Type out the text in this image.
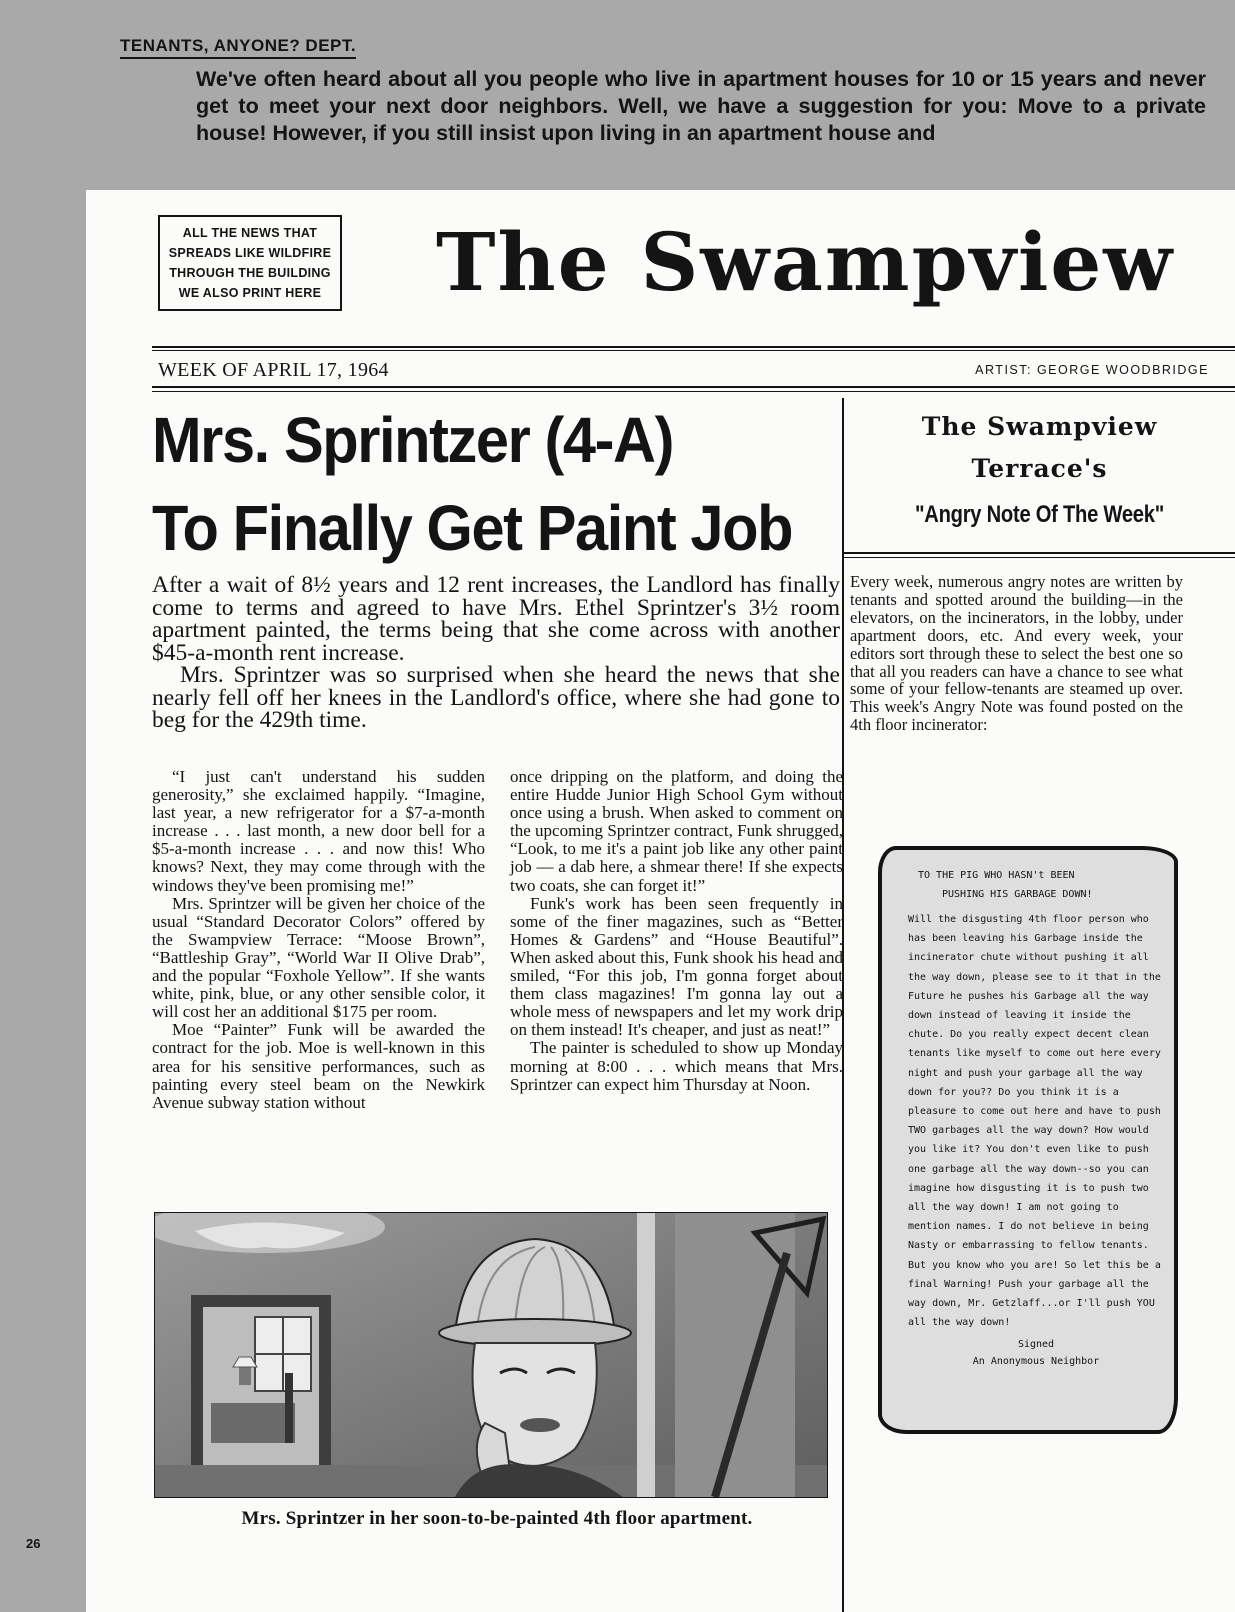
TENANTS, ANYONE? DEPT.

We've often heard about all you people who live in apartment houses for 10 or 15 years and never get to meet your next door neighbors. Well, we have a suggestion for you: Move to a private house! However, if you still insist upon living in an apartment house and

ALL THE NEWS THAT
SPREADS LIKE WILDFIRE
THROUGH THE BUILDING
WE ALSO PRINT HERE The Swampview
WEEK OF APRIL 17, 1964	ARTIST: GEORGE WOODBRIDGE
Mrs. Sprintzer (4-A)
To Finally Get Paint Job

After a wait of 8½ years and 12 rent increases, the Landlord has finally come to terms and agreed to have Mrs. Ethel Sprintzer's 3½ room apartment painted, the terms being that she come across with another $45-a-month rent increase.

Mrs. Sprintzer was so surprised when she heard the news that she nearly fell off her knees in the Landlord's office, where she had gone to beg for the 429th time.

“I just can't understand his sudden generosity,” she exclaimed happily. “Imagine, last year, a new refrigerator for a $7-a-month increase . . . last month, a new door bell for a $5-a-month increase . . . and now this! Who knows? Next, they may come through with the windows they've been promising me!”

Mrs. Sprintzer will be given her choice of the usual “Standard Decorator Colors” offered by the Swampview Terrace: “Moose Brown”, “Battleship Gray”, “World War II Olive Drab”, and the popular “Foxhole Yellow”. If she wants white, pink, blue, or any other sensible color, it will cost her an additional $175 per room.

Moe “Painter” Funk will be awarded the contract for the job. Moe is well-known in this area for his sensitive performances, such as painting every steel beam on the Newkirk Avenue subway station without

once dripping on the platform, and doing the entire Hudde Junior High School Gym without once using a brush. When asked to comment on the upcoming Sprintzer contract, Funk shrugged, “Look, to me it's a paint job like any other paint job — a dab here, a shmear there! If she expects two coats, she can forget it!”

Funk's work has been seen frequently in some of the finer magazines, such as “Better Homes & Gardens” and “House Beautiful”. When asked about this, Funk shook his head and smiled, “For this job, I'm gonna forget about them class magazines! I'm gonna lay out a whole mess of newspapers and let my work drip on them instead! It's cheaper, and just as neat!”

The painter is scheduled to show up Monday morning at 8:00 . . . which means that Mrs. Sprintzer can expect him Thursday at Noon.

Mrs. Sprintzer in her soon-to-be-painted 4th floor apartment.
The Swampview
Terrace's
"Angry Note Of The Week"

Every week, numerous angry notes are written by tenants and spotted around the building—in the elevators, on the incinerators, in the lobby, under apartment doors, etc. And every week, your editors sort through these to select the best one so that all you readers can have a chance to see what some of your fellow-tenants are steamed up over. This week's Angry Note was found posted on the 4th floor incinerator:

TO THE PIG WHO HASN't BEEN
PUSHING HIS GARBAGE DOWN!

Will the disgusting 4th floor person who has been leaving his Garbage inside the incinerator chute without pushing it all the way down, please see to it that in the Future he pushes his Garbage all the way down instead of leaving it inside the chute. Do you really expect decent clean tenants like myself to come out here every night and push your garbage all the way down for you?? Do you think it is a pleasure to come out here and have to push TWO garbages all the way down? How would you like it? You don't even like to push one garbage all the way down--so you can imagine how disgusting it is to push two all the way down! I am not going to mention names. I do not believe in being Nasty or embarrassing to fellow tenants. But you know who you are! So let this be a final Warning! Push your garbage all the way down, Mr. Getzlaff...or I'll push YOU all the way down!

Signed
An Anonymous Neighbor
26
